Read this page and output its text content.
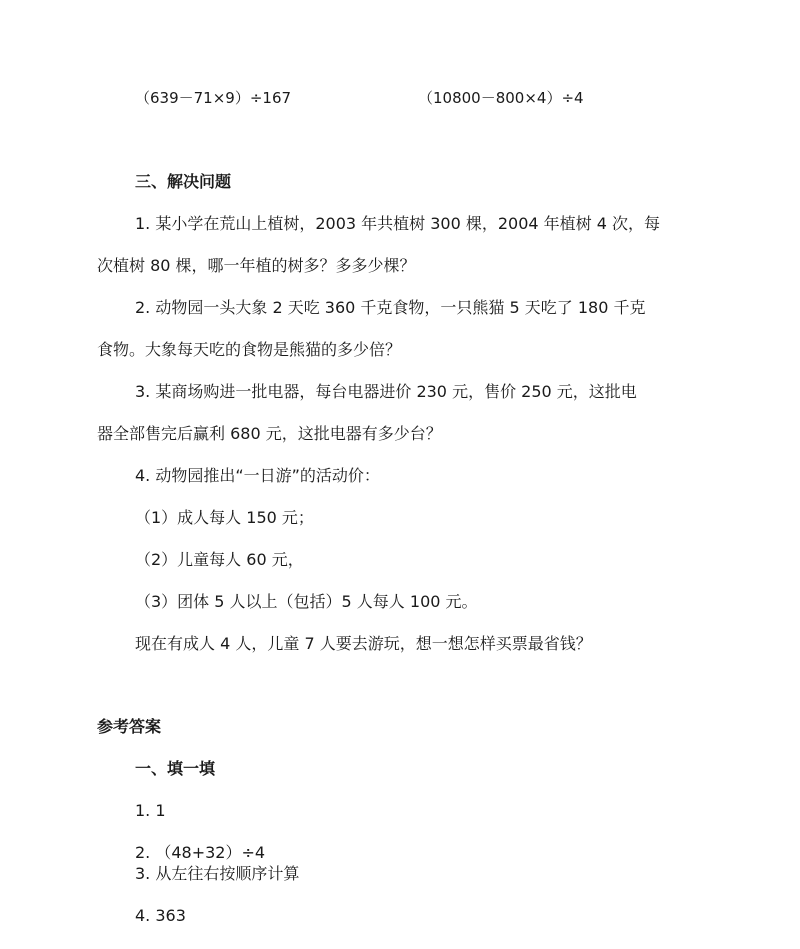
（639－71×9）÷167	（10800－800×4）÷4
三、解决问题
1. 某小学在荒山上植树，2003 年共植树 300 棵，2004 年植树 4 次，每
次植树 80 棵，哪一年植的树多？多多少棵？
2. 动物园一头大象 2 天吃 360 千克食物，一只熊猫 5 天吃了 180 千克
食物。大象每天吃的食物是熊猫的多少倍？
3. 某商场购进一批电器，每台电器进价 230 元，售价 250 元，这批电
器全部售完后赢利 680 元，这批电器有多少台？
4. 动物园推出“一日游”的活动价：
（1）成人每人 150 元；
（2）儿童每人 60 元，
（3）团体 5 人以上（包括）5 人每人 100 元。
现在有成人 4 人，儿童 7 人要去游玩，想一想怎样买票最省钱？
参考答案
一、填一填
1. 1
2. （48+32）÷4
3. 从左往右按顺序计算
4. 363
